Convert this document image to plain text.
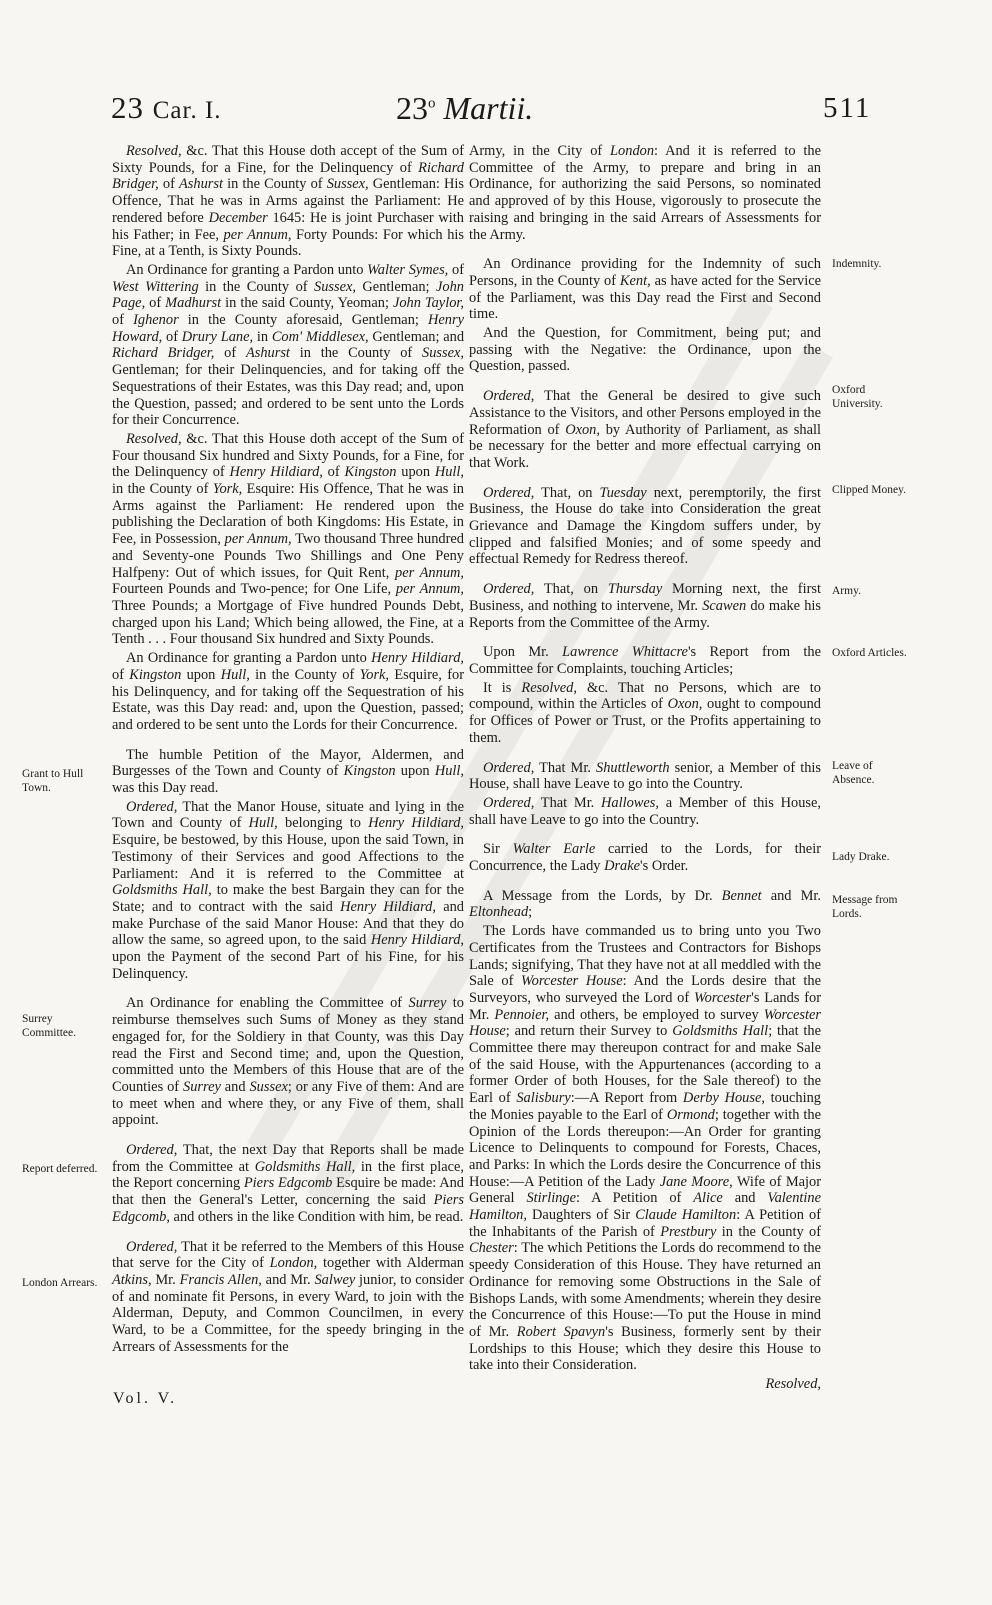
23 Car. I.	23$^o$ Martii.	511

Resolved, &c. That this House doth accept of the Sum of Sixty Pounds, for a Fine, for the Delinquency of Richard Bridger, of Ashurst in the County of Sussex, Gentleman: His Offence, That he was in Arms against the Parliament: He rendered before December 1645: He is joint Purchaser with his Father; in Fee, per Annum, Forty Pounds: For which his Fine, at a Tenth, is Sixty Pounds.

An Ordinance for granting a Pardon unto Walter Symes, of West Wittering in the County of Sussex, Gentleman; John Page, of Madhurst in the said County, Yeoman; John Taylor, of Ighenor in the County aforesaid, Gentleman; Henry Howard, of Drury Lane, in Com' Middlesex, Gentleman; and Richard Bridger, of Ashurst in the County of Sussex, Gentleman; for their Delinquencies, and for taking off the Sequestrations of their Estates, was this Day read; and, upon the Question, passed; and ordered to be sent unto the Lords for their Concurrence.

Resolved, &c. That this House doth accept of the Sum of Four thousand Six hundred and Sixty Pounds, for a Fine, for the Delinquency of Henry Hildiard, of Kingston upon Hull, in the County of York, Esquire: His Offence, That he was in Arms against the Parliament: He rendered upon the publishing the Declaration of both Kingdoms: His Estate, in Fee, in Possession, per Annum, Two thousand Three hundred and Seventy-one Pounds Two Shillings and One Peny Halfpeny: Out of which issues, for Quit Rent, per Annum, Fourteen Pounds and Two-pence; for One Life, per Annum, Three Pounds; a Mortgage of Five hundred Pounds Debt, charged upon his Land; Which being allowed, the Fine, at a Tenth . . . Four thousand Six hundred and Sixty Pounds.

An Ordinance for granting a Pardon unto Henry Hildiard, of Kingston upon Hull, in the County of York, Esquire, for his Delinquency, and for taking off the Sequestration of his Estate, was this Day read: and, upon the Question, passed; and ordered to be sent unto the Lords for their Concurrence.

The humble Petition of the Mayor, Aldermen, and Burgesses of the Town and County of Kingston upon Hull, was this Day read.

Ordered, That the Manor House, situate and lying in the Town and County of Hull, belonging to Henry Hildiard, Esquire, be bestowed, by this House, upon the said Town, in Testimony of their Services and good Affections to the Parliament: And it is referred to the Committee at Goldsmiths Hall, to make the best Bargain they can for the State; and to contract with the said Henry Hildiard, and make Purchase of the said Manor House: And that they do allow the same, so agreed upon, to the said Henry Hildiard, upon the Payment of the second Part of his Fine, for his Delinquency.

An Ordinance for enabling the Committee of Surrey to reimburse themselves such Sums of Money as they stand engaged for, for the Soldiery in that County, was this Day read the First and Second time; and, upon the Question, committed unto the Members of this House that are of the Counties of Surrey and Sussex; or any Five of them: And are to meet when and where they, or any Five of them, shall appoint.

Ordered, That, the next Day that Reports shall be made from the Committee at Goldsmiths Hall, in the first place, the Report concerning Piers Edgcomb Esquire be made: And that then the General's Letter, concerning the said Piers Edgcomb, and others in the like Condition with him, be read.

Ordered, That it be referred to the Members of this House that serve for the City of London, together with Alderman Atkins, Mr. Francis Allen, and Mr. Salwey junior, to consider of and nominate fit Persons, in every Ward, to join with the Alderman, Deputy, and Common Councilmen, in every Ward, to be a Committee, for the speedy bringing in the Arrears of Assessments for the

Army, in the City of London: And it is referred to the Committee of the Army, to prepare and bring in an Ordinance, for authorizing the said Persons, so nominated and approved of by this House, vigorously to prosecute the raising and bringing in the said Arrears of Assessments for the Army.

An Ordinance providing for the Indemnity of such Persons, in the County of Kent, as have acted for the Service of the Parliament, was this Day read the First and Second time.

And the Question, for Commitment, being put; and passing with the Negative: the Ordinance, upon the Question, passed.

Ordered, That the General be desired to give such Assistance to the Visitors, and other Persons employed in the Reformation of Oxon, by Authority of Parliament, as shall be necessary for the better and more effectual carrying on that Work.

Ordered, That, on Tuesday next, peremptorily, the first Business, the House do take into Consideration the great Grievance and Damage the Kingdom suffers under, by clipped and falsified Monies; and of some speedy and effectual Remedy for Redress thereof.

Ordered, That, on Thursday Morning next, the first Business, and nothing to intervene, Mr. Scawen do make his Reports from the Committee of the Army.

Upon Mr. Lawrence Whittacre's Report from the Committee for Complaints, touching Articles;

It is Resolved, &c. That no Persons, which are to compound, within the Articles of Oxon, ought to compound for Offices of Power or Trust, or the Profits appertaining to them.

Ordered, That Mr. Shuttleworth senior, a Member of this House, shall have Leave to go into the Country.

Ordered, That Mr. Hallowes, a Member of this House, shall have Leave to go into the Country.

Sir Walter Earle carried to the Lords, for their Concurrence, the Lady Drake's Order.

A Message from the Lords, by Dr. Bennet and Mr. Eltonhead;

The Lords have commanded us to bring unto you Two Certificates from the Trustees and Contractors for Bishops Lands; signifying, That they have not at all meddled with the Sale of Worcester House: And the Lords desire that the Surveyors, who surveyed the Lord of Worcester's Lands for Mr. Pennoier, and others, be employed to survey Worcester House; and return their Survey to Goldsmiths Hall; that the Committee there may thereupon contract for and make Sale of the said House, with the Appurtenances (according to a former Order of both Houses, for the Sale thereof) to the Earl of Salisbury:—A Report from Derby House, touching the Monies payable to the Earl of Ormond; together with the Opinion of the Lords thereupon:—An Order for granting Licence to Delinquents to compound for Forests, Chaces, and Parks: In which the Lords desire the Concurrence of this House:—A Petition of the Lady Jane Moore, Wife of Major General Stirlinge: A Petition of Alice and Valentine Hamilton, Daughters of Sir Claude Hamilton: A Petition of the Inhabitants of the Parish of Prestbury in the County of Chester: The which Petitions the Lords do recommend to the speedy Consideration of this House. They have returned an Ordinance for removing some Obstructions in the Sale of Bishops Lands, with some Amendments; wherein they desire the Concurrence of this House:—To put the House in mind of Mr. Robert Spavyn's Business, formerly sent by their Lordships to this House; which they desire this House to take into their Consideration.

Resolved,

Grant to Hull Town.
Surrey Committee.
Report deferred.
London Arrears.
Indemnity.
Oxford University.
Clipped Money.
Army.
Oxford Articles.
Leave of Absence.
Lady Drake.
Message from Lords.
Vol. V.
